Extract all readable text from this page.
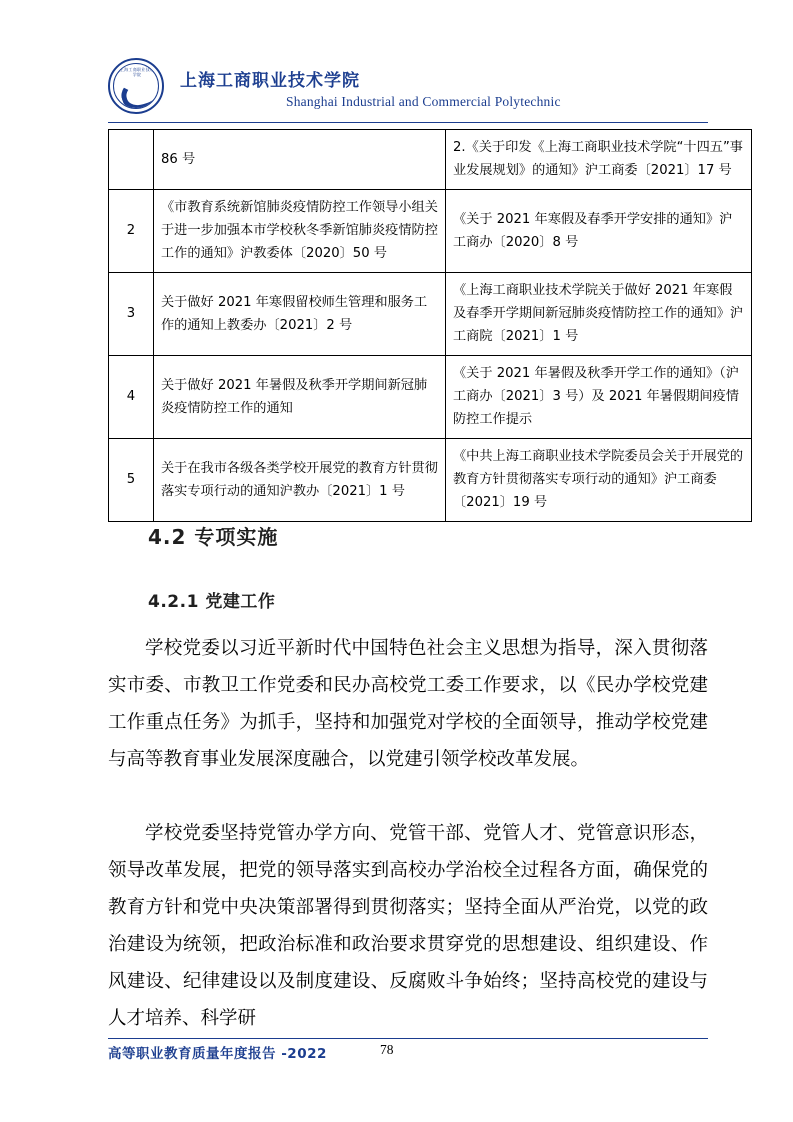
上海工商职业技术学院	上海工商职业技术学院
Shanghai Industrial and Commercial Polytechnic
	86 号	2.《关于印发《上海工商职业技术学院“十四五”事业发展规划》的通知》沪工商委〔2021〕17 号
2	《市教育系统新馆肺炎疫情防控工作领导小组关于进一步加强本市学校秋冬季新馆肺炎疫情防控工作的通知》沪教委体〔2020〕50 号	《关于 2021 年寒假及春季开学安排的通知》沪工商办〔2020〕8 号
3	关于做好 2021 年寒假留校师生管理和服务工作的通知上教委办〔2021〕2 号	《上海工商职业技术学院关于做好 2021 年寒假及春季开学期间新冠肺炎疫情防控工作的通知》沪工商院〔2021〕1 号
4	关于做好 2021 年暑假及秋季开学期间新冠肺炎疫情防控工作的通知	《关于 2021 年暑假及秋季开学工作的通知》（沪工商办〔2021〕3 号）及 2021 年暑假期间疫情防控工作提示
5	关于在我市各级各类学校开展党的教育方针贯彻落实专项行动的通知沪教办〔2021〕1 号	《中共上海工商职业技术学院委员会关于开展党的教育方针贯彻落实专项行动的通知》沪工商委〔2021〕19 号
4.2 专项实施
4.2.1 党建工作
学校党委以习近平新时代中国特色社会主义思想为指导，深入贯彻落实市委、市教卫工作党委和民办高校党工委工作要求，以《民办学校党建工作重点任务》为抓手，坚持和加强党对学校的全面领导，推动学校党建与高等教育事业发展深度融合，以党建引领学校改革发展。
学校党委坚持党管办学方向、党管干部、党管人才、党管意识形态，领导改革发展，把党的领导落实到高校办学治校全过程各方面，确保党的教育方针和党中央决策部署得到贯彻落实；坚持全面从严治党，以党的政治建设为统领，把政治标准和政治要求贯穿党的思想建设、组织建设、作风建设、纪律建设以及制度建设、反腐败斗争始终；坚持高校党的建设与人才培养、科学研
高等职业教育质量年度报告 -2022	78
